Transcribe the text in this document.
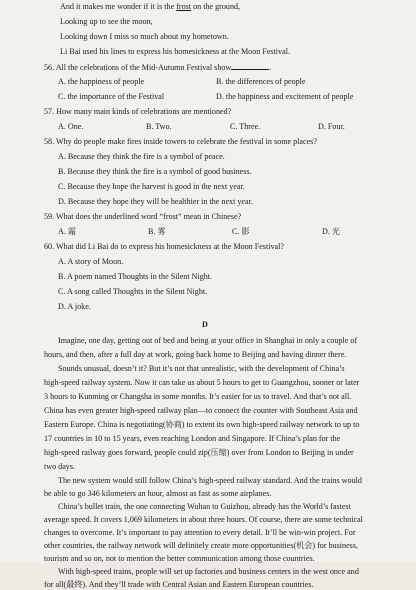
And it makes me wonder if it is the frost on the ground,
Looking up to see the moon,
Looking down I miss so much about my hometown.
Li Bai used his lines to express his homesickness at the Moon Festival.
56. All the celebrations of the Mid-Autumn Festival show	.
A. the happiness of people	B. the differences of people
C. the importance of the Festival	D. the happiness and excitement of people
57. How many main kinds of celebrations are mentioned?
A. One.	B. Two.	C. Three.	D. Four.
58. Why do people make fires inside towers to celebrate the festival in some places?
A. Because they think the fire is a symbol of peace.
B. Because they think the fire is a symbol of good business.
C. Because they hope the harvest is good in the next year.
D. Because they hope they will be healthier in the next year.
59. What does the underlined word “frost” mean in Chinese?
A. 霜	B. 雾	C. 影	D. 光
60. What did Li Bai do to express his homesickness at the Moon Festival?
A. A story of Moon.
B. A poem named Thoughts in the Silent Night.
C. A song called Thoughts in the Silent Night.
D. A joke.
D
Imagine, one day, getting out of bed and being at your office in Shanghai in only a couple of
hours, and then, after a full day at work, going back home to Beijing and having dinner there.
Sounds unusual, doesn’t it? But it’s not that unrealistic, with the development of China’s
high-speed railway system. Now it can take us about 5 hours to get to Guangzhou, sooner or later
3 hours to Kunming or Changsha in some months. It’s easier for us to travel. And that’s not all.
China has even greater high-speed railway plan—to connect the counter with Southeast Asia and
Eastern Europe. China is negotiating(协商) to extent its own high-speed railway network to up to
17 countries in 10 to 15 years, even reaching London and Singapore. If China’s plan for the
high-speed railway goes forward, people could zip(压缩) over from London to Beijing in under
two days.
The new system would still follow China’s high-speed railway standard. And the trains would
be able to go 346 kilometers an hour, almost as fast as some airplanes.
China’s bullet train, the one connecting Wuhan to Guizhou, already has the World’s fastest
average speed. It covers 1,069 kilometers in about three hours. Of course, there are some technical
changes to overcome. It’s important to pay attention to every detail. It’ll be win-win project. For
other countries, the railway network will definitely create more opportunities(机会) for business,
tourism and so on, not to mention the better communication among those countries.
With high-speed trains, people will set up factories and business centers in the west once and
for all(最终). And they’ll trade with Central Asian and Eastern European countries.
